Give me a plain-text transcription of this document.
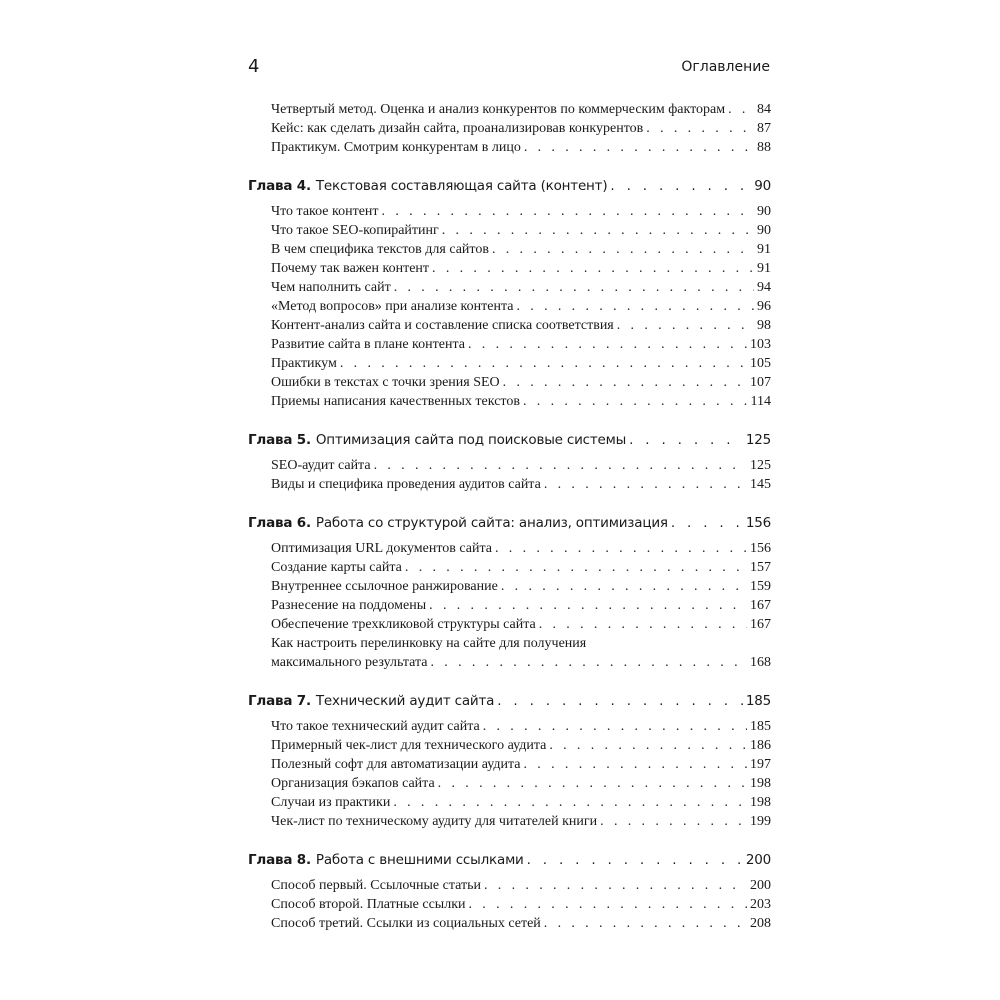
4	Оглавление
Четвертый метод. Оценка и анализ конкурентов по коммерческим факторам . . . 84
Кейс: как сделать дизайн сайта, проанализировав конкурентов . . .	87
Практикум. Смотрим конкурентам в лицо . . .	88
Глава 4. Текстовая составляющая сайта (контент) . . .	90
Что такое контент . . .	90
Что такое SEO-копирайтинг . . .	90
В чем специфика текстов для сайтов . . .	91
Почему так важен контент . . .	91
Чем наполнить сайт . . .	94
«Метод вопросов» при анализе контента . . .	96
Контент-анализ сайта и составление списка соответствия . . .	98
Развитие сайта в плане контента . . .	103
Практикум . . .	105
Ошибки в текстах с точки зрения SEO . . .	107
Приемы написания качественных текстов . . .	114
Глава 5. Оптимизация сайта под поисковые системы . . .	125
SEO-аудит сайта . . .	125
Виды и специфика проведения аудитов сайта . . .	145
Глава 6. Работа со структурой сайта: анализ, оптимизация . . .	156
Оптимизация URL документов сайта . . .	156
Создание карты сайта . . .	157
Внутреннее ссылочное ранжирование . . .	159
Разнесение на поддомены . . .	167
Обеспечение трехкликовой структуры сайта . . .	167
Как настроить перелинковку на сайте для получения
максимального результата . . .	168
Глава 7. Технический аудит сайта . . .	185
Что такое технический аудит сайта . . .	185
Примерный чек-лист для технического аудита . . .	186
Полезный софт для автоматизации аудита . . .	197
Организация бэкапов сайта . . .	198
Случаи из практики . . .	198
Чек-лист по техническому аудиту для читателей книги . . .	199
Глава 8. Работа с внешними ссылками . . .	200
Способ первый. Ссылочные статьи . . .	200
Способ второй. Платные ссылки . . .	203
Способ третий. Ссылки из социальных сетей . . .	208
